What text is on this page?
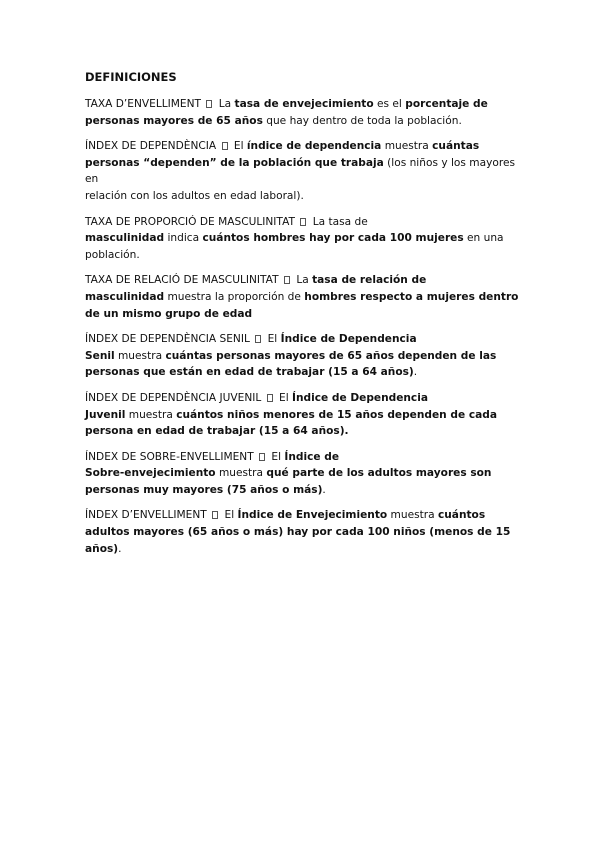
DEFINICIONES
TAXA D’ENVELLIMENT  La tasa de envejecimiento es el porcentaje de
personas mayores de 65 años que hay dentro de toda la población.
ÍNDEX DE DEPENDÈNCIA  El índice de dependencia muestra cuántas
personas “dependen” de la población que trabaja (los niños y los mayores en
relación con los adultos en edad laboral).
TAXA DE PROPORCIÓ DE MASCULINITAT  La tasa de
masculinidad indica cuántos hombres hay por cada 100 mujeres en una
población.
TAXA DE RELACIÓ DE MASCULINITAT  La tasa de relación de
masculinidad muestra la proporción de hombres respecto a mujeres dentro
de un mismo grupo de edad
ÍNDEX DE DEPENDÈNCIA SENIL  El Índice de Dependencia
Senil muestra cuántas personas mayores de 65 años dependen de las
personas que están en edad de trabajar (15 a 64 años).
ÍNDEX DE DEPENDÈNCIA JUVENIL  El Índice de Dependencia
Juvenil muestra cuántos niños menores de 15 años dependen de cada
persona en edad de trabajar (15 a 64 años).
ÍNDEX DE SOBRE-ENVELLIMENT  El Índice de
Sobre-envejecimiento muestra qué parte de los adultos mayores son
personas muy mayores (75 años o más).
ÍNDEX D’ENVELLIMENT  El Índice de Envejecimiento muestra cuántos
adultos mayores (65 años o más) hay por cada 100 niños (menos de 15
años).
